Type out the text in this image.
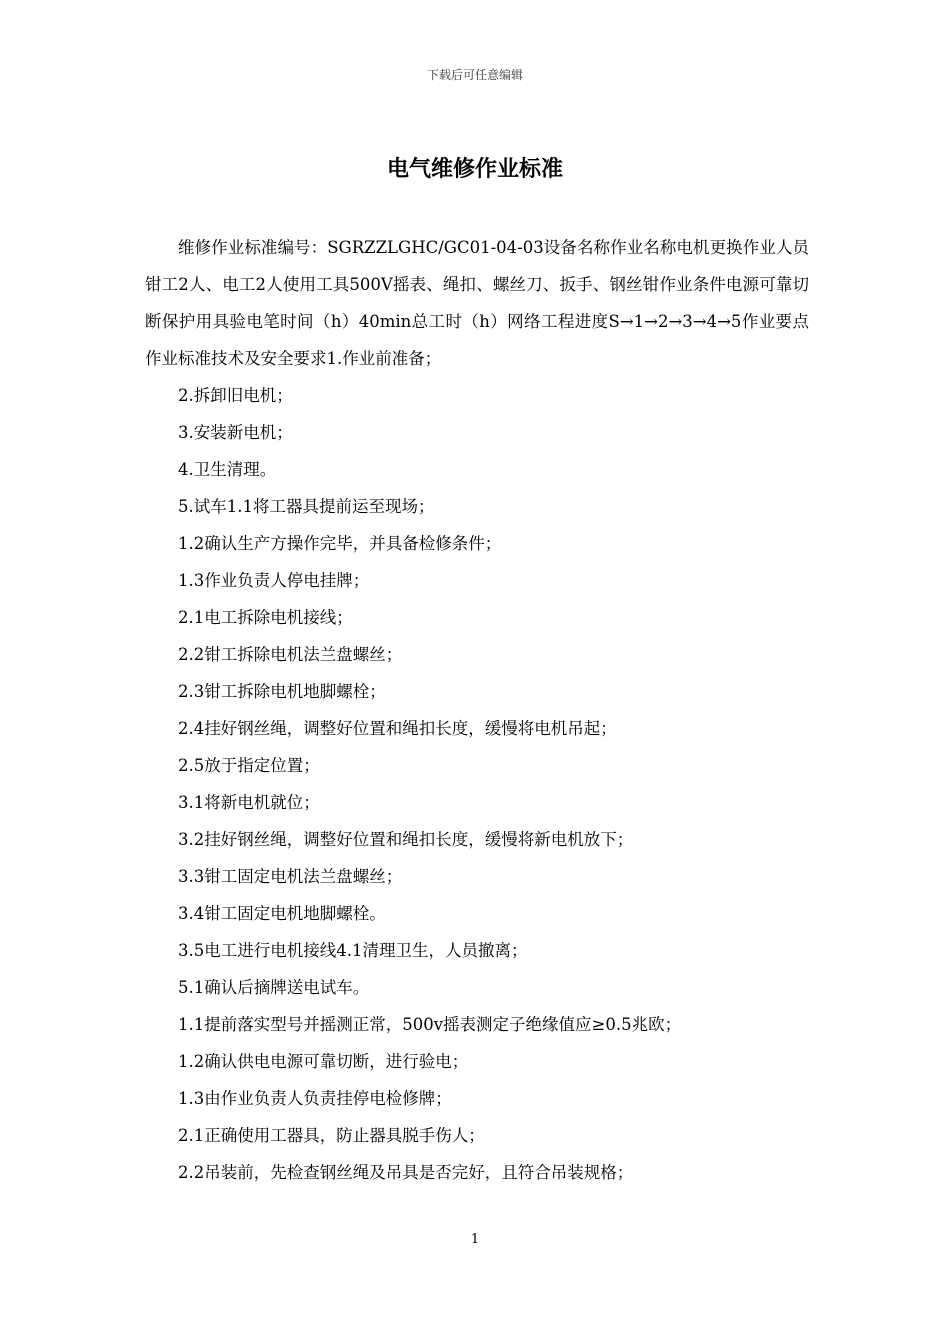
下载后可任意编辑
电气维修作业标准

维修作业标准编号：SGRZZLGHC/GC01-04-03设备名称作业名称电机更换作业人员钳工2人、电工2人使用工具500V摇表、绳扣、螺丝刀、扳手、钢丝钳作业条件电源可靠切断保护用具验电笔时间（h）40min总工时（h）网络工程进度S→1→2→3→4→5作业要点作业标准技术及安全要求1.作业前准备；

2.拆卸旧电机；

3.安装新电机；

4.卫生清理。

5.试车1.1将工器具提前运至现场；

1.2确认生产方操作完毕，并具备检修条件；

1.3作业负责人停电挂牌；

2.1电工拆除电机接线；

2.2钳工拆除电机法兰盘螺丝；

2.3钳工拆除电机地脚螺栓；

2.4挂好钢丝绳，调整好位置和绳扣长度，缓慢将电机吊起；

2.5放于指定位置；

3.1将新电机就位；

3.2挂好钢丝绳，调整好位置和绳扣长度，缓慢将新电机放下；

3.3钳工固定电机法兰盘螺丝；

3.4钳工固定电机地脚螺栓。

3.5电工进行电机接线4.1清理卫生，人员撤离；

5.1确认后摘牌送电试车。

1.1提前落实型号并摇测正常，500v摇表测定子绝缘值应≥0.5兆欧；

1.2确认供电电源可靠切断，进行验电；

1.3由作业负责人负责挂停电检修牌；

2.1正确使用工器具，防止器具脱手伤人；

2.2吊装前，先检查钢丝绳及吊具是否完好，且符合吊装规格；

1
